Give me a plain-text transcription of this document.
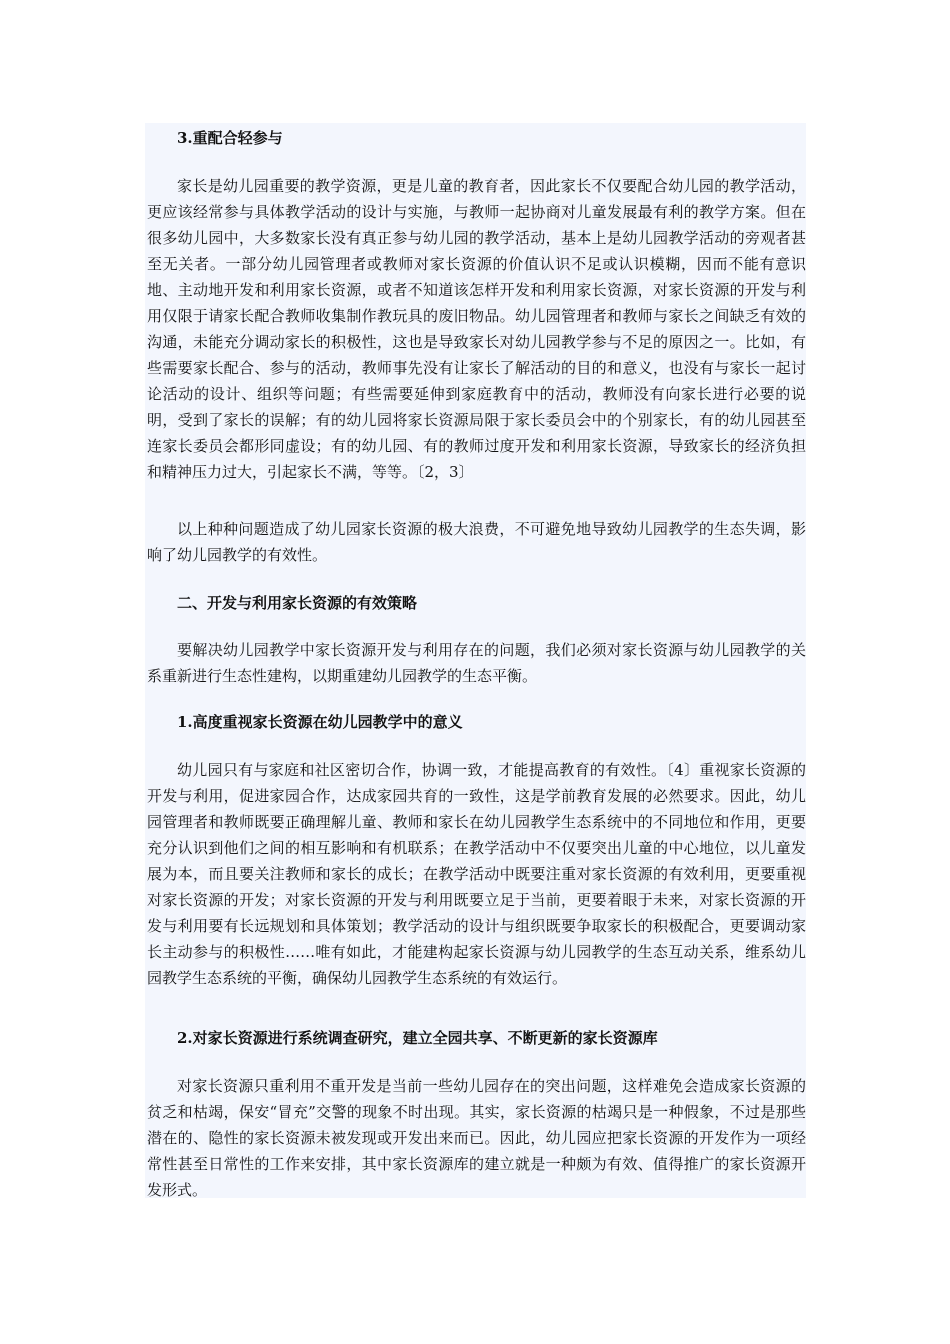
3.重配合轻参与

家长是幼儿园重要的教学资源，更是儿童的教育者，因此家长不仅要配合幼儿园的教学活动，更应该经常参与具体教学活动的设计与实施，与教师一起协商对儿童发展最有利的教学方案。但在很多幼儿园中，大多数家长没有真正参与幼儿园的教学活动，基本上是幼儿园教学活动的旁观者甚至无关者。一部分幼儿园管理者或教师对家长资源的价值认识不足或认识模糊，因而不能有意识地、主动地开发和利用家长资源，或者不知道该怎样开发和利用家长资源，对家长资源的开发与利用仅限于请家长配合教师收集制作教玩具的废旧物品。幼儿园管理者和教师与家长之间缺乏有效的沟通，未能充分调动家长的积极性，这也是导致家长对幼儿园教学参与不足的原因之一。比如，有些需要家长配合、参与的活动，教师事先没有让家长了解活动的目的和意义，也没有与家长一起讨论活动的设计、组织等问题；有些需要延伸到家庭教育中的活动，教师没有向家长进行必要的说明，受到了家长的误解；有的幼儿园将家长资源局限于家长委员会中的个别家长，有的幼儿园甚至连家长委员会都形同虚设；有的幼儿园、有的教师过度开发和利用家长资源，导致家长的经济负担和精神压力过大，引起家长不满，等等。〔2，3〕

以上种种问题造成了幼儿园家长资源的极大浪费，不可避免地导致幼儿园教学的生态失调，影响了幼儿园教学的有效性。

二、开发与利用家长资源的有效策略

要解决幼儿园教学中家长资源开发与利用存在的问题，我们必须对家长资源与幼儿园教学的关系重新进行生态性建构，以期重建幼儿园教学的生态平衡。

1.高度重视家长资源在幼儿园教学中的意义

幼儿园只有与家庭和社区密切合作，协调一致，才能提高教育的有效性。〔4〕重视家长资源的开发与利用，促进家园合作，达成家园共育的一致性，这是学前教育发展的必然要求。因此，幼儿园管理者和教师既要正确理解儿童、教师和家长在幼儿园教学生态系统中的不同地位和作用，更要充分认识到他们之间的相互影响和有机联系；在教学活动中不仅要突出儿童的中心地位，以儿童发展为本，而且要关注教师和家长的成长；在教学活动中既要注重对家长资源的有效利用，更要重视对家长资源的开发；对家长资源的开发与利用既要立足于当前，更要着眼于未来，对家长资源的开发与利用要有长远规划和具体策划；教学活动的设计与组织既要争取家长的积极配合，更要调动家长主动参与的积极性……唯有如此，才能建构起家长资源与幼儿园教学的生态互动关系，维系幼儿园教学生态系统的平衡，确保幼儿园教学生态系统的有效运行。

2.对家长资源进行系统调查研究，建立全园共享、不断更新的家长资源库

对家长资源只重利用不重开发是当前一些幼儿园存在的突出问题，这样难免会造成家长资源的贫乏和枯竭，保安“冒充”交警的现象不时出现。其实，家长资源的枯竭只是一种假象，不过是那些潜在的、隐性的家长资源未被发现或开发出来而已。因此，幼儿园应把家长资源的开发作为一项经常性甚至日常性的工作来安排，其中家长资源库的建立就是一种颇为有效、值得推广的家长资源开发形式。
